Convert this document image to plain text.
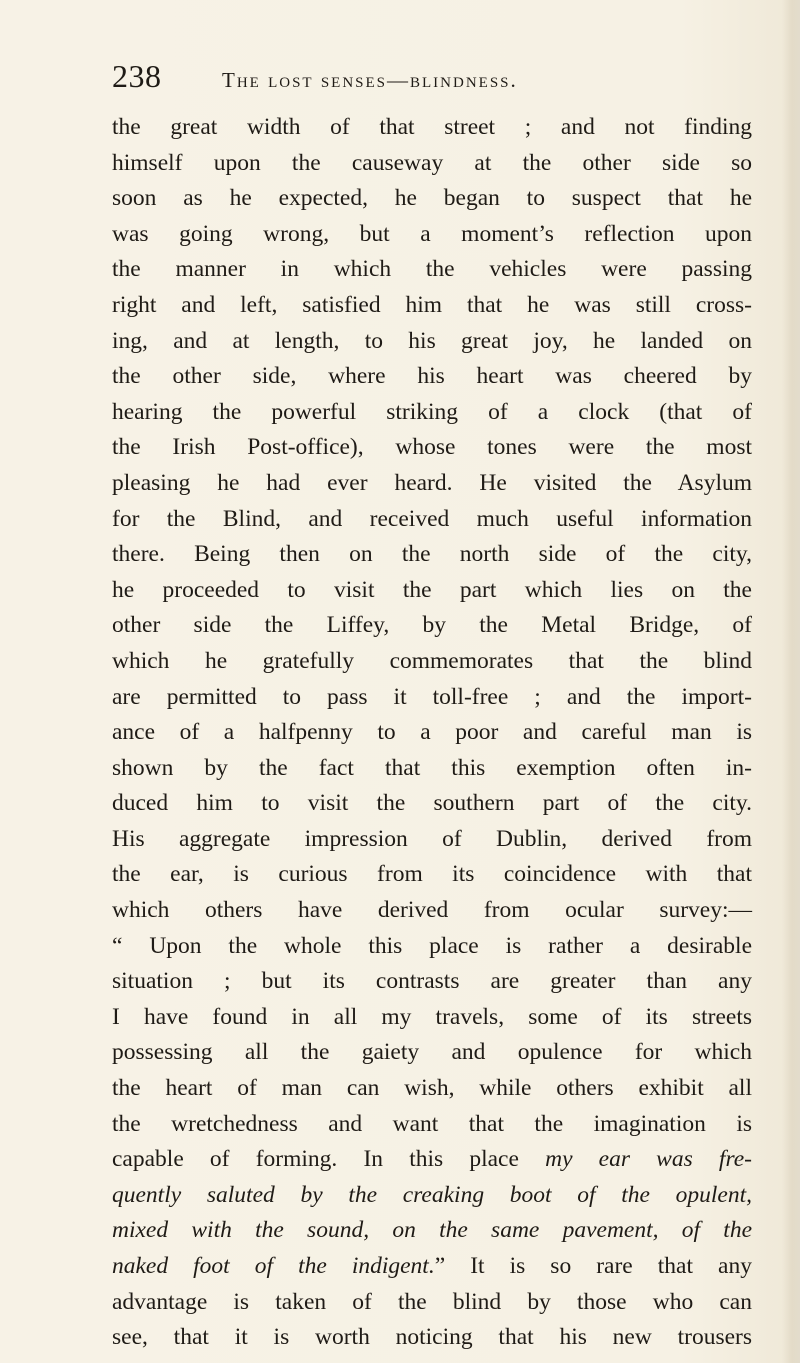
238	the lost senses—blindness.
the great width of that street ; and not finding
himself upon the causeway at the other side so
soon as he expected, he began to suspect that he
was going wrong, but a moment’s reflection upon
the manner in which the vehicles were passing
right and left, satisfied him that he was still cross-
ing, and at length, to his great joy, he landed on
the other side, where his heart was cheered by
hearing the powerful striking of a clock (that of
the Irish Post-office), whose tones were the most
pleasing he had ever heard. He visited the Asylum
for the Blind, and received much useful information
there. Being then on the north side of the city,
he proceeded to visit the part which lies on the
other side the Liffey, by the Metal Bridge, of
which he gratefully commemorates that the blind
are permitted to pass it toll-free ; and the import-
ance of a halfpenny to a poor and careful man is
shown by the fact that this exemption often in-
duced him to visit the southern part of the city.
His aggregate impression of Dublin, derived from
the ear, is curious from its coincidence with that
which others have derived from ocular survey:—
“ Upon the whole this place is rather a desirable
situation ; but its contrasts are greater than any
I have found in all my travels, some of its streets
possessing all the gaiety and opulence for which
the heart of man can wish, while others exhibit all
the wretchedness and want that the imagination is
capable of forming. In this place my ear was fre-
quently saluted by the creaking boot of the opulent,
mixed with the sound, on the same pavement, of the
naked foot of the indigent.” It is so rare that any
advantage is taken of the blind by those who can
see, that it is worth noticing that his new trousers
